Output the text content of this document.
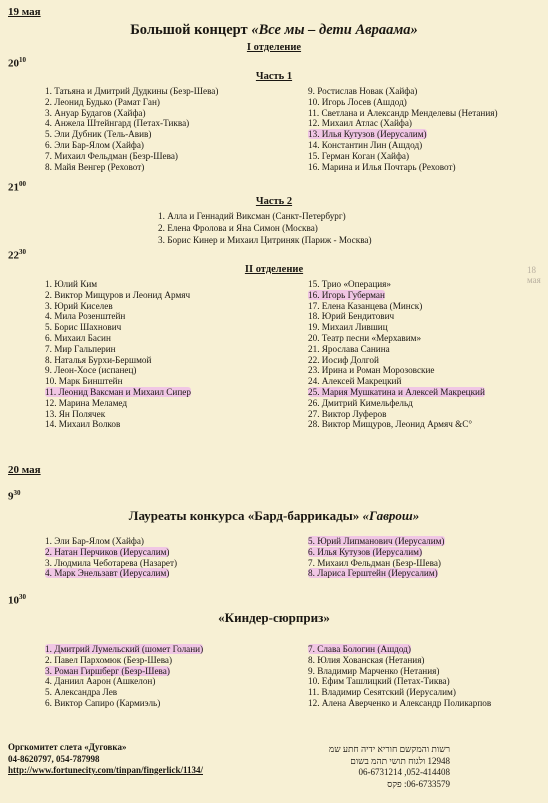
18 мая
19 мая
Большой концерт «Все мы – дети Авраама»
I отделение
$20^{10}$
Часть 1
1. Татьяна и Дмитрий Дудкины (Безр-Шева)
2. Леонид Будько (Рамат Ган)
3. Ануар Будагов (Хайфа)
4. Анжела Штейнгард (Петах-Тиква)
5. Эли Дубник (Тель-Авив)
6. Эли Бар-Ялом (Хайфа)
7. Михаил Фельдман (Безр-Шева)
8. Майя Венгер (Реховот)
9. Ростислав Новак (Хайфа)
10. Игорь Лосев (Ашдод)
11. Светлана и Александр Менделевы (Нетания)
12. Михаил Атлас (Хайфа)
13. Илья Кутузов (Иерусалим)
14. Константин Лин (Ашдод)
15. Герман Коган (Хайфа)
16. Марина и Илья Почтарь (Реховот)
$21^{00}$
Часть 2
1. Алла и Геннадий Виксман (Санкт-Петербург)
2. Елена Фролова и Яна Симон (Москва)
3. Борис Кинер и Михаил Цитриняк (Париж - Москва)
$22^{30}$
II отделение
1. Юлий Ким
2. Виктор Мищуров и Леонид Армяч
3. Юрий Киселев
4. Мила Розенштейн
5. Борис Шахнович
6. Михаил Басин
7. Мир Гальперин
8. Наталья Бурхи-Бершмой
9. Леон-Хосе (испанец)
10. Марк Бинштейн
11. Леонид Ваксман и Михаил Сипер
12. Марина Меламед
13. Ян Полячек
14. Михаил Волков
15. Трио «Операция»
16. Игорь Губерман
17. Елена Казанцева (Минск)
18. Юрий Бендитович
19. Михаил Лившиц
20. Театр песни «Мерхавим»
21. Ярослава Санина
22. Иосиф Долгой
23. Ирина и Роман Морозовские
24. Алексей Макрецкий
25. Мария Мушкатина и Алексей Макрецкий
26. Дмитрий Кимельфельд
27. Виктор Луферов
28. Виктор Мищуров, Леонид Армяч &C°
20 мая
$9^{30}$
Лауреаты конкурса «Бард-баррикады» «Гаврош»
1. Эли Бар-Ялом (Хайфа)
2. Натан Перчиков (Иерусалим)
3. Людмила Чеботарева (Назарет)
4. Марк Энельзавт (Иерусалим)
5. Юрий Липманович (Иерусалим)
6. Илья Кутузов (Иерусалим)
7. Михаил Фельдман (Безр-Шева)
8. Лариса Герштейн (Иерусалим)
$10^{30}$
«Киндер-сюрприз»
1. Дмитрий Лумельский (шомет Голани)
2. Павел Пархомюк (Безр-Шева)
3. Роман Гиршберг (Безр-Шева)
4. Даниил Аарон (Ашкелон)
5. Александра Лев
6. Виктор Сапиро (Кармиэль)
7. Слава Бологин (Ашдод)
8. Юлия Хованская (Нетания)
9. Владимир Марченко (Нетания)
10. Ефим Ташлицкий (Петах-Тиква)
11. Владимир Сеsятский (Иерусалим)
12. Алена Аверченко и Александр Поликарпов
Оргкомитет слета «Дуговка»
04-8620797, 054-787998
http://www.fortunecity.com/tinpan/fingerlick/1134/
רשות והמקשם חוריא ידיה חתע שמ
12948 ולגוח תושי תהמ בשום
052-414408, 06-6731214
06-6733579: פקס
